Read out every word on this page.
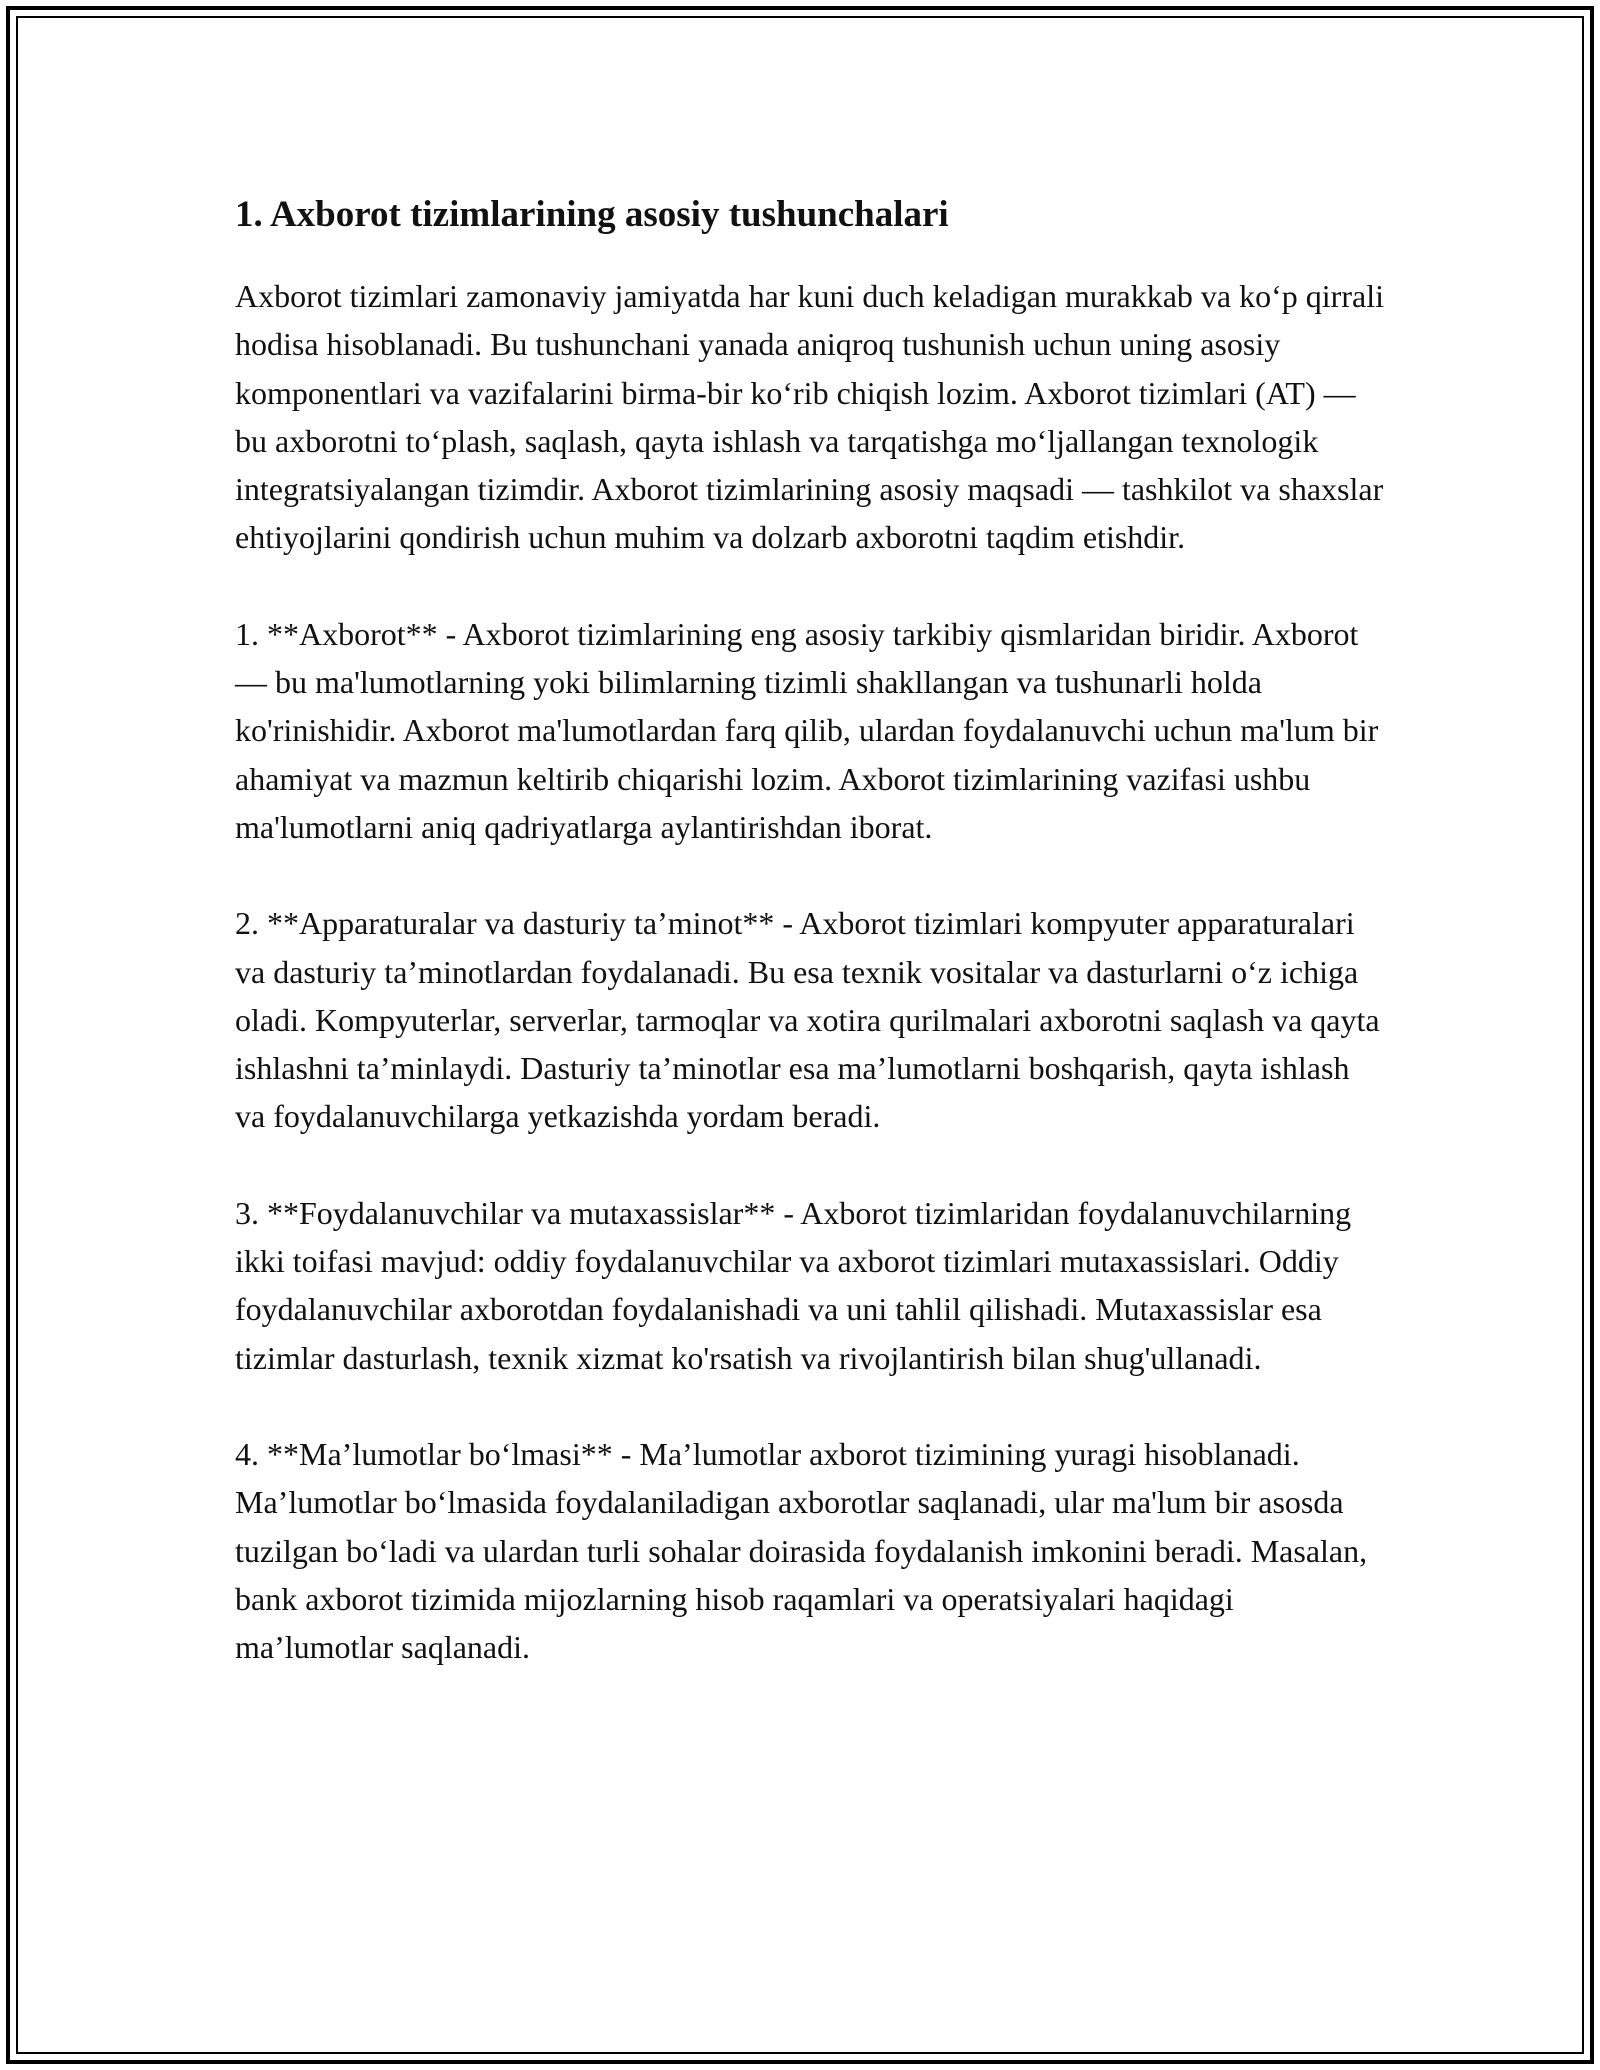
1. Axborot tizimlarining asosiy tushunchalari

Axborot tizimlari zamonaviy jamiyatda har kuni duch keladigan murakkab va ko‘p qirrali hodisa hisoblanadi. Bu tushunchani yanada aniqroq tushunish uchun uning asosiy komponentlari va vazifalarini birma-bir ko‘rib chiqish lozim. Axborot tizimlari (AT) — bu axborotni to‘plash, saqlash, qayta ishlash va tarqatishga mo‘ljallangan texnologik integratsiyalangan tizimdir. Axborot tizimlarining asosiy maqsadi — tashkilot va shaxslar ehtiyojlarini qondirish uchun muhim va dolzarb axborotni taqdim etishdir.

1. **Axborot** - Axborot tizimlarining eng asosiy tarkibiy qismlaridan biridir. Axborot — bu ma'lumotlarning yoki bilimlarning tizimli shakllangan va tushunarli holda ko'rinishidir. Axborot ma'lumotlardan farq qilib, ulardan foydalanuvchi uchun ma'lum bir ahamiyat va mazmun keltirib chiqarishi lozim. Axborot tizimlarining vazifasi ushbu ma'lumotlarni aniq qadriyatlarga aylantirishdan iborat.

2. **Apparaturalar va dasturiy ta’minot** - Axborot tizimlari kompyuter apparaturalari va dasturiy ta’minotlardan foydalanadi. Bu esa texnik vositalar va dasturlarni o‘z ichiga oladi. Kompyuterlar, serverlar, tarmoqlar va xotira qurilmalari axborotni saqlash va qayta ishlashni ta’minlaydi. Dasturiy ta’minotlar esa ma’lumotlarni boshqarish, qayta ishlash va foydalanuvchilarga yetkazishda yordam beradi.

3. **Foydalanuvchilar va mutaxassislar** - Axborot tizimlaridan foydalanuvchilarning ikki toifasi mavjud: oddiy foydalanuvchilar va axborot tizimlari mutaxassislari. Oddiy foydalanuvchilar axborotdan foydalanishadi va uni tahlil qilishadi. Mutaxassislar esa tizimlar dasturlash, texnik xizmat ko'rsatish va rivojlantirish bilan shug'ullanadi.

4. **Ma’lumotlar bo‘lmasi** - Ma’lumotlar axborot tizimining yuragi hisoblanadi. Ma’lumotlar bo‘lmasida foydalaniladigan axborotlar saqlanadi, ular ma'lum bir asosda tuzilgan bo‘ladi va ulardan turli sohalar doirasida foydalanish imkonini beradi. Masalan, bank axborot tizimida mijozlarning hisob raqamlari va operatsiyalari haqidagi ma’lumotlar saqlanadi.
